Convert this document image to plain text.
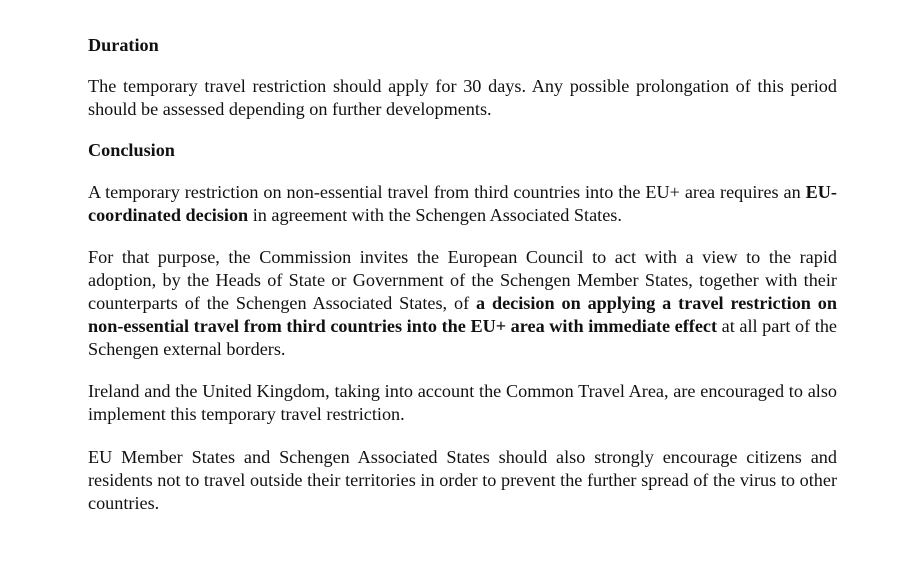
Duration

The temporary travel restriction should apply for 30 days. Any possible prolongation of this period should be assessed depending on further developments.

Conclusion

A temporary restriction on non-essential travel from third countries into the EU+ area requires an EU-coordinated decision in agreement with the Schengen Associated States.

For that purpose, the Commission invites the European Council to act with a view to the rapid adoption, by the Heads of State or Government of the Schengen Member States, together with their counterparts of the Schengen Associated States, of a decision on applying a travel restriction on non-essential travel from third countries into the EU+ area with immediate effect at all part of the Schengen external borders.

Ireland and the United Kingdom, taking into account the Common Travel Area, are encouraged to also implement this temporary travel restriction.

EU Member States and Schengen Associated States should also strongly encourage citizens and residents not to travel outside their territories in order to prevent the further spread of the virus to other countries.
